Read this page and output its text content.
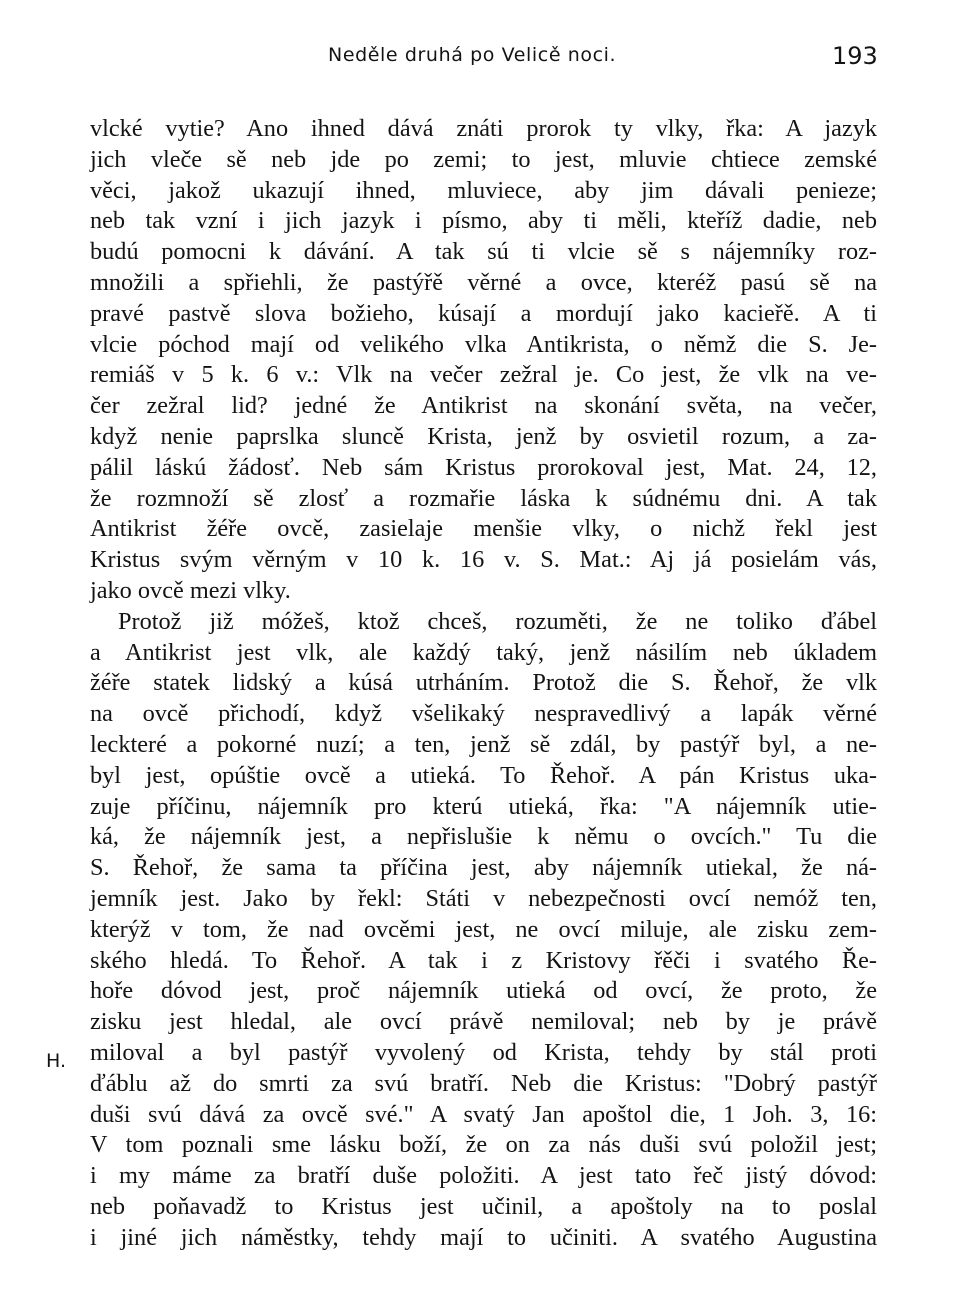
Neděle druhá po Velicě noci.	193
H.
vlcké vytie? Ano ihned dává znáti prorok ty vlky, řka: A jazyk
jich vleče sě neb jde po zemi; to jest, mluvie chtiece zemské
věci, jakož ukazují ihned, mluviece, aby jim dávali penieze;
neb tak vzní i jich jazyk i písmo, aby ti měli, kteříž dadie, neb
budú pomocni k dávání. A tak sú ti vlcie sě s nájemníky roz-
množili a spřiehli, že pastýřě věrné a ovce, kteréž pasú sě na
pravé pastvě slova božieho, kúsají a mordují jako kacieřě. A ti
vlcie póchod mají od velikého vlka Antikrista, o němž die S. Je-
remiáš v 5 k. 6 v.: Vlk na večer zežral je. Co jest, že vlk na ve-
čer zežral lid? jedné že Antikrist na skonání světa, na večer,
když nenie paprslka sluncě Krista, jenž by osvietil rozum, a za-
pálil láskú žádosť. Neb sám Kristus prorokoval jest, Mat. 24, 12,
že rozmnoží sě zlosť a rozmařie láska k súdnému dni. A tak
Antikrist žéře ovcě, zasielaje menšie vlky, o nichž řekl jest
Kristus svým věrným v 10 k. 16 v. S. Mat.: Aj já posielám vás,
jako ovcě mezi vlky.
Protož již móžeš, ktož chceš, rozuměti, že ne toliko ďábel
a Antikrist jest vlk, ale každý taký, jenž násilím neb úkladem
žéře statek lidský a kúsá utrháním. Protož die S. Řehoř, že vlk
na ovcě přichodí, když všelikaký nespravedlivý a lapák věrné
leckteré a pokorné nuzí; a ten, jenž sě zdál, by pastýř byl, a ne-
byl jest, opúštie ovcě a utieká. To Řehoř. A pán Kristus uka-
zuje příčinu, nájemník pro kterú utieká, řka: "A nájemník utie-
ká, že nájemník jest, a nepřislušie k němu o ovcích." Tu die
S. Řehoř, že sama ta příčina jest, aby nájemník utiekal, že ná-
jemník jest. Jako by řekl: Státi v nebezpečnosti ovcí nemóž ten,
kterýž v tom, že nad ovcěmi jest, ne ovcí miluje, ale zisku zem-
ského hledá. To Řehoř. A tak i z Kristovy řěči i svatého Ře-
hoře dóvod jest, proč nájemník utieká od ovcí, že proto, že
zisku jest hledal, ale ovcí právě nemiloval; neb by je právě
miloval a byl pastýř vyvolený od Krista, tehdy by stál proti
ďáblu až do smrti za svú bratří. Neb die Kristus: "Dobrý pastýř
duši svú dává za ovcě své." A svatý Jan apoštol die, 1 Joh. 3, 16:
V tom poznali sme lásku boží, že on za nás duši svú položil jest;
i my máme za bratří duše položiti. A jest tato řeč jistý dóvod:
neb poňavadž to Kristus jest učinil, a apoštoly na to poslal
i jiné jich náměstky, tehdy mají to učiniti. A svatého Augustina
